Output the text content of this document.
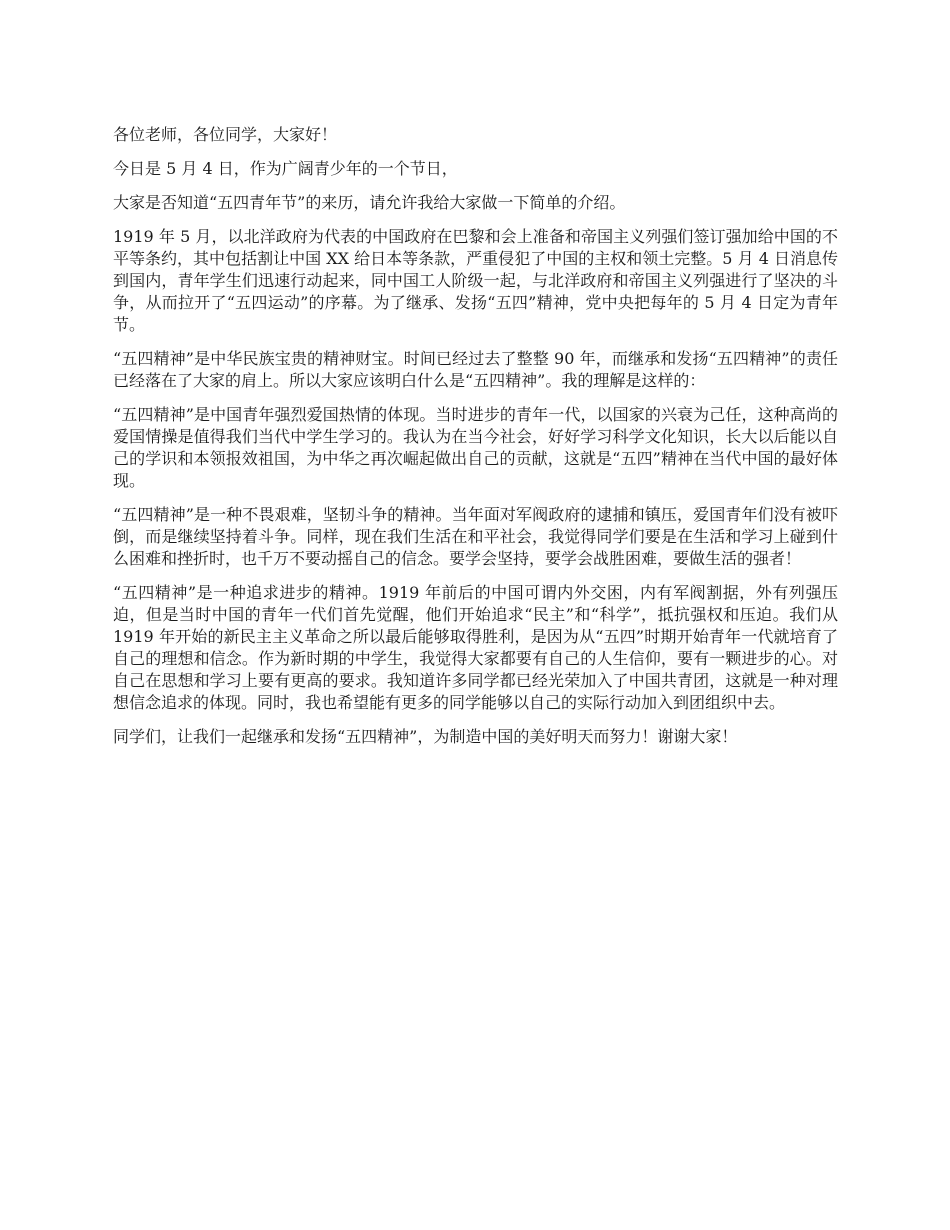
各位老师，各位同学，大家好！

今日是 5 月 4 日，作为广阔青少年的一个节日，

大家是否知道“五四青年节”的来历，请允许我给大家做一下简单的介绍。

1919 年 5 月，以北洋政府为代表的中国政府在巴黎和会上准备和帝国主义列强们签订强加给中国的不平等条约，其中包括割让中国 XX 给日本等条款，严重侵犯了中国的主权和领土完整。5 月 4 日消息传到国内，青年学生们迅速行动起来，同中国工人阶级一起，与北洋政府和帝国主义列强进行了坚决的斗争，从而拉开了“五四运动”的序幕。为了继承、发扬“五四”精神，党中央把每年的 5 月 4 日定为青年节。

“五四精神”是中华民族宝贵的精神财宝。时间已经过去了整整 90 年，而继承和发扬“五四精神”的责任已经落在了大家的肩上。所以大家应该明白什么是“五四精神”。我的理解是这样的：

“五四精神”是中国青年强烈爱国热情的体现。当时进步的青年一代，以国家的兴衰为己任，这种高尚的爱国情操是值得我们当代中学生学习的。我认为在当今社会，好好学习科学文化知识，长大以后能以自己的学识和本领报效祖国，为中华之再次崛起做出自己的贡献，这就是“五四”精神在当代中国的最好体现。

“五四精神”是一种不畏艰难，坚韧斗争的精神。当年面对军阀政府的逮捕和镇压，爱国青年们没有被吓倒，而是继续坚持着斗争。同样，现在我们生活在和平社会，我觉得同学们要是在生活和学习上碰到什么困难和挫折时，也千万不要动摇自己的信念。要学会坚持，要学会战胜困难，要做生活的强者！

“五四精神”是一种追求进步的精神。1919 年前后的中国可谓内外交困，内有军阀割据，外有列强压迫，但是当时中国的青年一代们首先觉醒，他们开始追求“民主”和“科学”，抵抗强权和压迫。我们从 1919 年开始的新民主主义革命之所以最后能够取得胜利，是因为从“五四”时期开始青年一代就培育了自己的理想和信念。作为新时期的中学生，我觉得大家都要有自己的人生信仰，要有一颗进步的心。对自己在思想和学习上要有更高的要求。我知道许多同学都已经光荣加入了中国共青团，这就是一种对理想信念追求的体现。同时，我也希望能有更多的同学能够以自己的实际行动加入到团组织中去。

同学们，让我们一起继承和发扬“五四精神”，为制造中国的美好明天而努力！谢谢大家！
